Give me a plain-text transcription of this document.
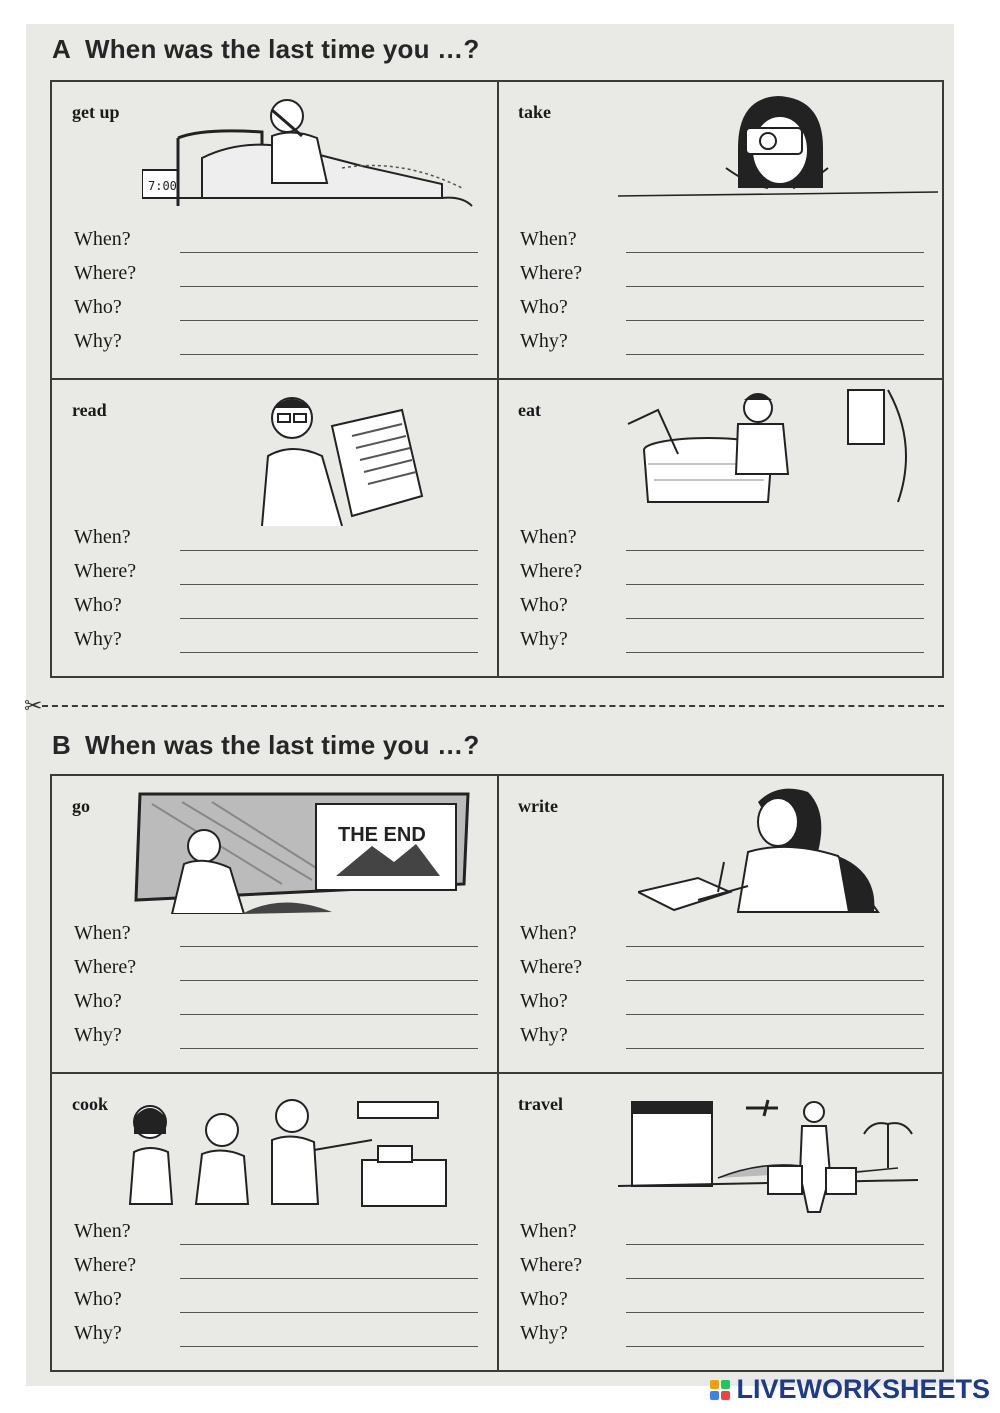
A When was the last time you …?
get up
7:00
When?
Where?
Who?
Why?
take
When?
Where?
Who?
Why?
read
When?
Where?
Who?
Why?
eat
When?
Where?
Who?
Why?
✂
B When was the last time you …?
go
THE END
When?
Where?
Who?
Why?
write
When?
Where?
Who?
Why?
cook
When?
Where?
Who?
Why?
travel
When?
Where?
Who?
Why?
LIVEWORKSHEETS
